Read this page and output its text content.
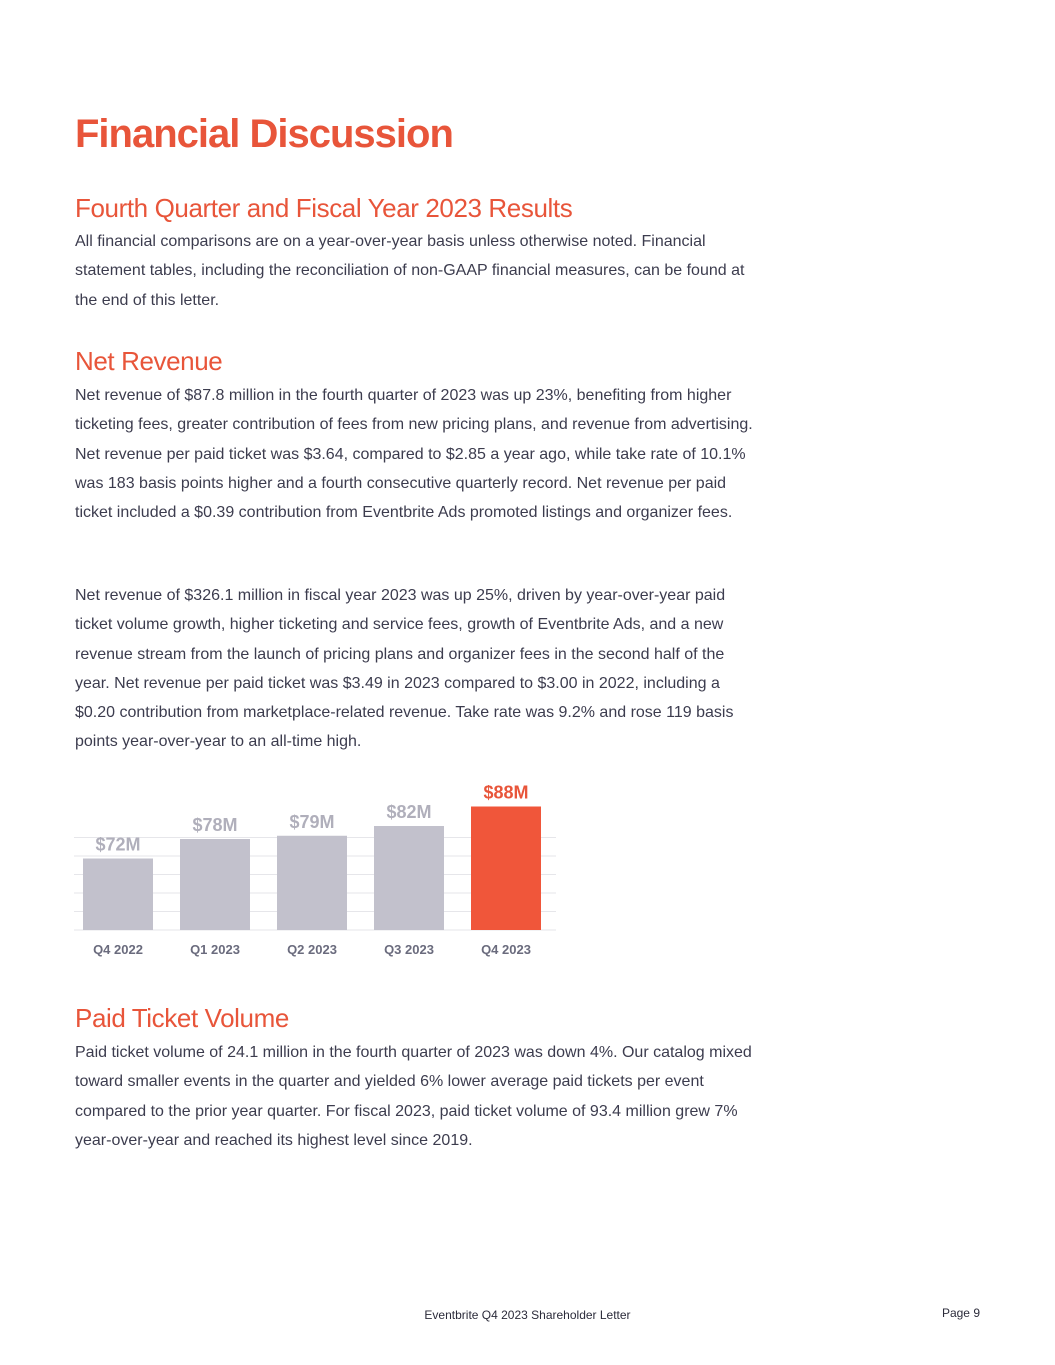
Financial Discussion
Fourth Quarter and Fiscal Year 2023 Results

All financial comparisons are on a year-over-year basis unless otherwise noted. Financial statement tables, including the reconciliation of non-GAAP financial measures, can be found at the end of this letter.

Net Revenue

Net revenue of $87.8 million in the fourth quarter of 2023 was up 23%, benefiting from higher ticketing fees, greater contribution of fees from new pricing plans, and revenue from advertising. Net revenue per paid ticket was $3.64, compared to $2.85 a year ago, while take rate of 10.1% was 183 basis points higher and a fourth consecutive quarterly record. Net revenue per paid ticket included a $0.39 contribution from Eventbrite Ads promoted listings and organizer fees.

Net revenue of $326.1 million in fiscal year 2023 was up 25%, driven by year-over-year paid ticket volume growth, higher ticketing and service fees, growth of Eventbrite Ads, and a new revenue stream from the launch of pricing plans and organizer fees in the second half of the year. Net revenue per paid ticket was $3.49 in 2023 compared to $3.00 in 2022, including a $0.20 contribution from marketplace-related revenue. Take rate was 9.2% and rose 119 basis points year-over-year to an all-time high.

$72M
$78M	$79M	$82M
$88M
Q4 2022	Q1 2023	Q2 2023	Q3 2023	Q4 2023
Paid Ticket Volume

Paid ticket volume of 24.1 million in the fourth quarter of 2023 was down 4%. Our catalog mixed toward smaller events in the quarter and yielded 6% lower average paid tickets per event compared to the prior year quarter. For fiscal 2023, paid ticket volume of 93.4 million grew 7% year-over-year and reached its highest level since 2019.

Eventbrite Q4 2023 Shareholder Letter	Page 9
